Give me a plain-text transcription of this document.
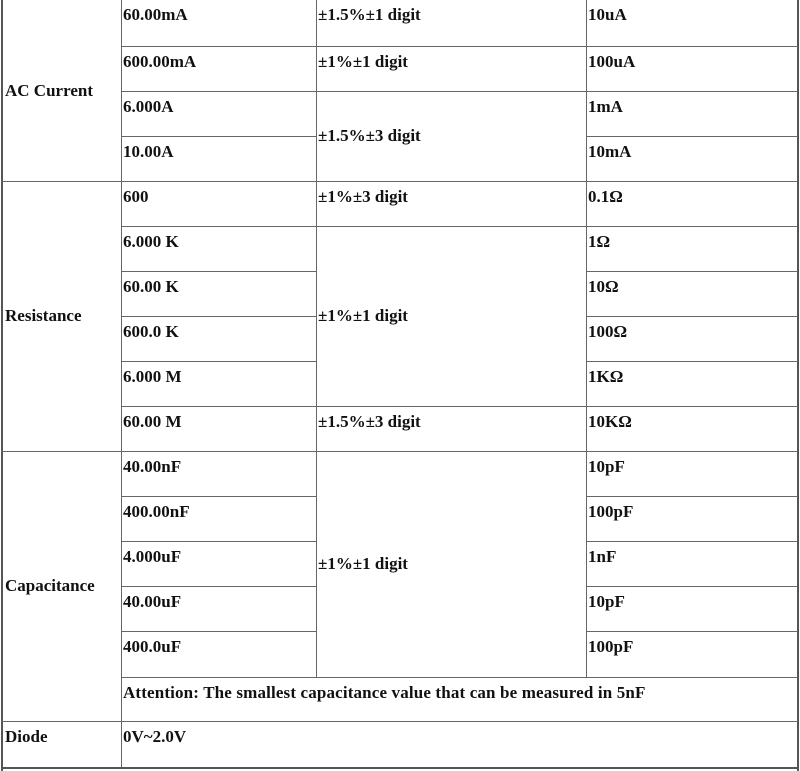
AC Current
60.00mA
600.00mA
6.000A
10.00A
±1.5%±1 digit
±1%±1 digit
±1.5%±3 digit
10uA
100uA
1mA
10mA
Resistance
600
6.000 K
60.00 K
600.0 K
6.000 M
60.00 M
±1%±3 digit
±1%±1 digit
±1.5%±3 digit
0.1Ω
1Ω
10Ω
100Ω
1KΩ
10KΩ
Capacitance
40.00nF
400.00nF
4.000uF
40.00uF
400.0uF
±1%±1 digit
10pF
100pF
1nF
10pF
100pF
Attention: The smallest capacitance value that can be measured in 5nF
Diode	0V~2.0V
